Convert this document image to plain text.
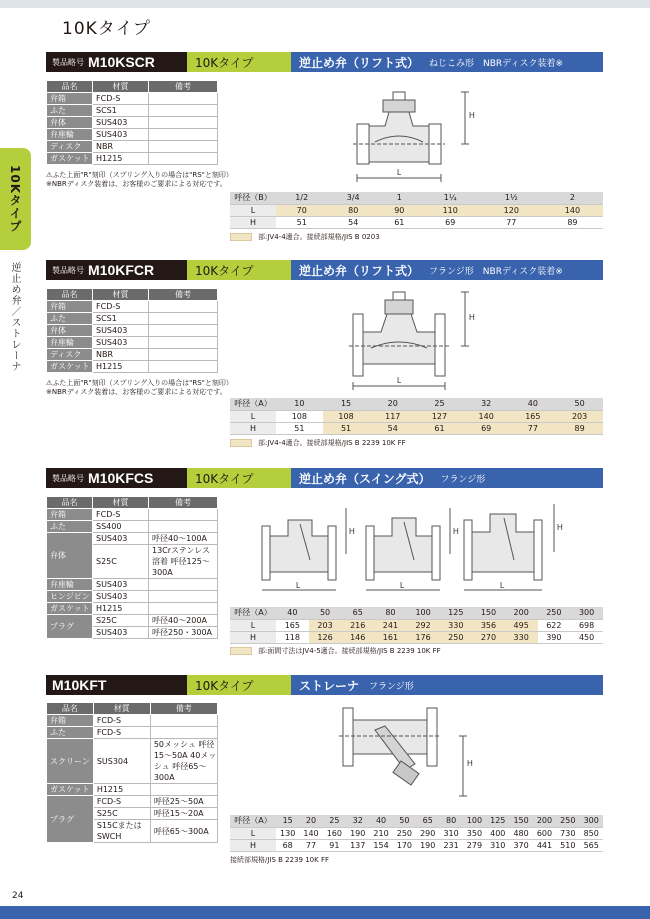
10Kタイプ
10Kタイプ
逆止め弁／ストレーナ
製品略号 M10KSCR	10Kタイプ	逆止め弁（リフト式） ねじこみ形　NBRディスク装着※
品名	材質	備考
弁箱	FCD-S	
ふた	SCS1	
弁体	SUS403	
弁座輪	SUS403	
ディスク	NBR	
ガスケット	H1215	
⚠ふた上面"R"刻印（スプリング入りの場合は"RS"と刻印）
※NBRディスク装着は、お客様のご要求による対応です。
H
L
呼径（B）	1/2	3/4	1	1¼	1½	2
L	70	80	90	110	120	140
H	51	54	61	69	77	89
部:JV4-4適合。接続部規格/JIS B 0203
製品略号 M10KFCR	10Kタイプ	逆止め弁（リフト式） フランジ形　NBRディスク装着※
品名	材質	備考
弁箱	FCD-S	
ふた	SCS1	
弁体	SUS403	
弁座輪	SUS403	
ディスク	NBR	
ガスケット	H1215	
⚠ふた上面"R"刻印（スプリング入りの場合は"RS"と刻印）
※NBRディスク装着は、お客様のご要求による対応です。
H
L
呼径（A）	10	15	20	25	32	40	50
L	108	108	117	127	140	165	203
H	51	51	54	61	69	77	89
部:JV4-4適合。接続部規格/JIS B 2239 10K FF
製品略号 M10KFCS	10Kタイプ	逆止め弁（スイング式） フランジ形
品名	材質	備考
弁箱	FCD-S	
ふた	SS400	
弁体	SUS403	呼径40～100A
	S25C	13Crステンレス溶着 呼径125～300A
弁座輪	SUS403	
ヒンジピン	SUS403	
ガスケット	H1215	
プラグ	S25C	呼径40～200A
	SUS403	呼径250・300A
H	H	H
L	L	L
呼径（A）	40	50	65	80	100	125	150	200	250	300
L	165	203	216	241	292	330	356	495	622	698
H	118	126	146	161	176	250	270	330	390	450
部:面間寸法はJV4-5適合。接続部規格/JIS B 2239 10K FF
M10KFT	10Kタイプ	ストレーナ フランジ形
品名	材質	備考
弁箱	FCD-S	
ふた	FCD-S	
スクリーン	SUS304	50メッシュ 呼径15～50A 40メッシュ 呼径65～300A
ガスケット	H1215	
プラグ	FCD-S	呼径25～50A
	S25C	呼径15～20A
	S15CまたはSWCH	呼径65～300A
H
呼径（A）	15	20	25	32	40	50	65	80	100	125	150	200	250	300
L	130	140	160	190	210	250	290	310	350	400	480	600	730	850
H	68	77	91	137	154	170	190	231	279	310	370	441	510	565
接続部規格/JIS B 2239 10K FF
24
